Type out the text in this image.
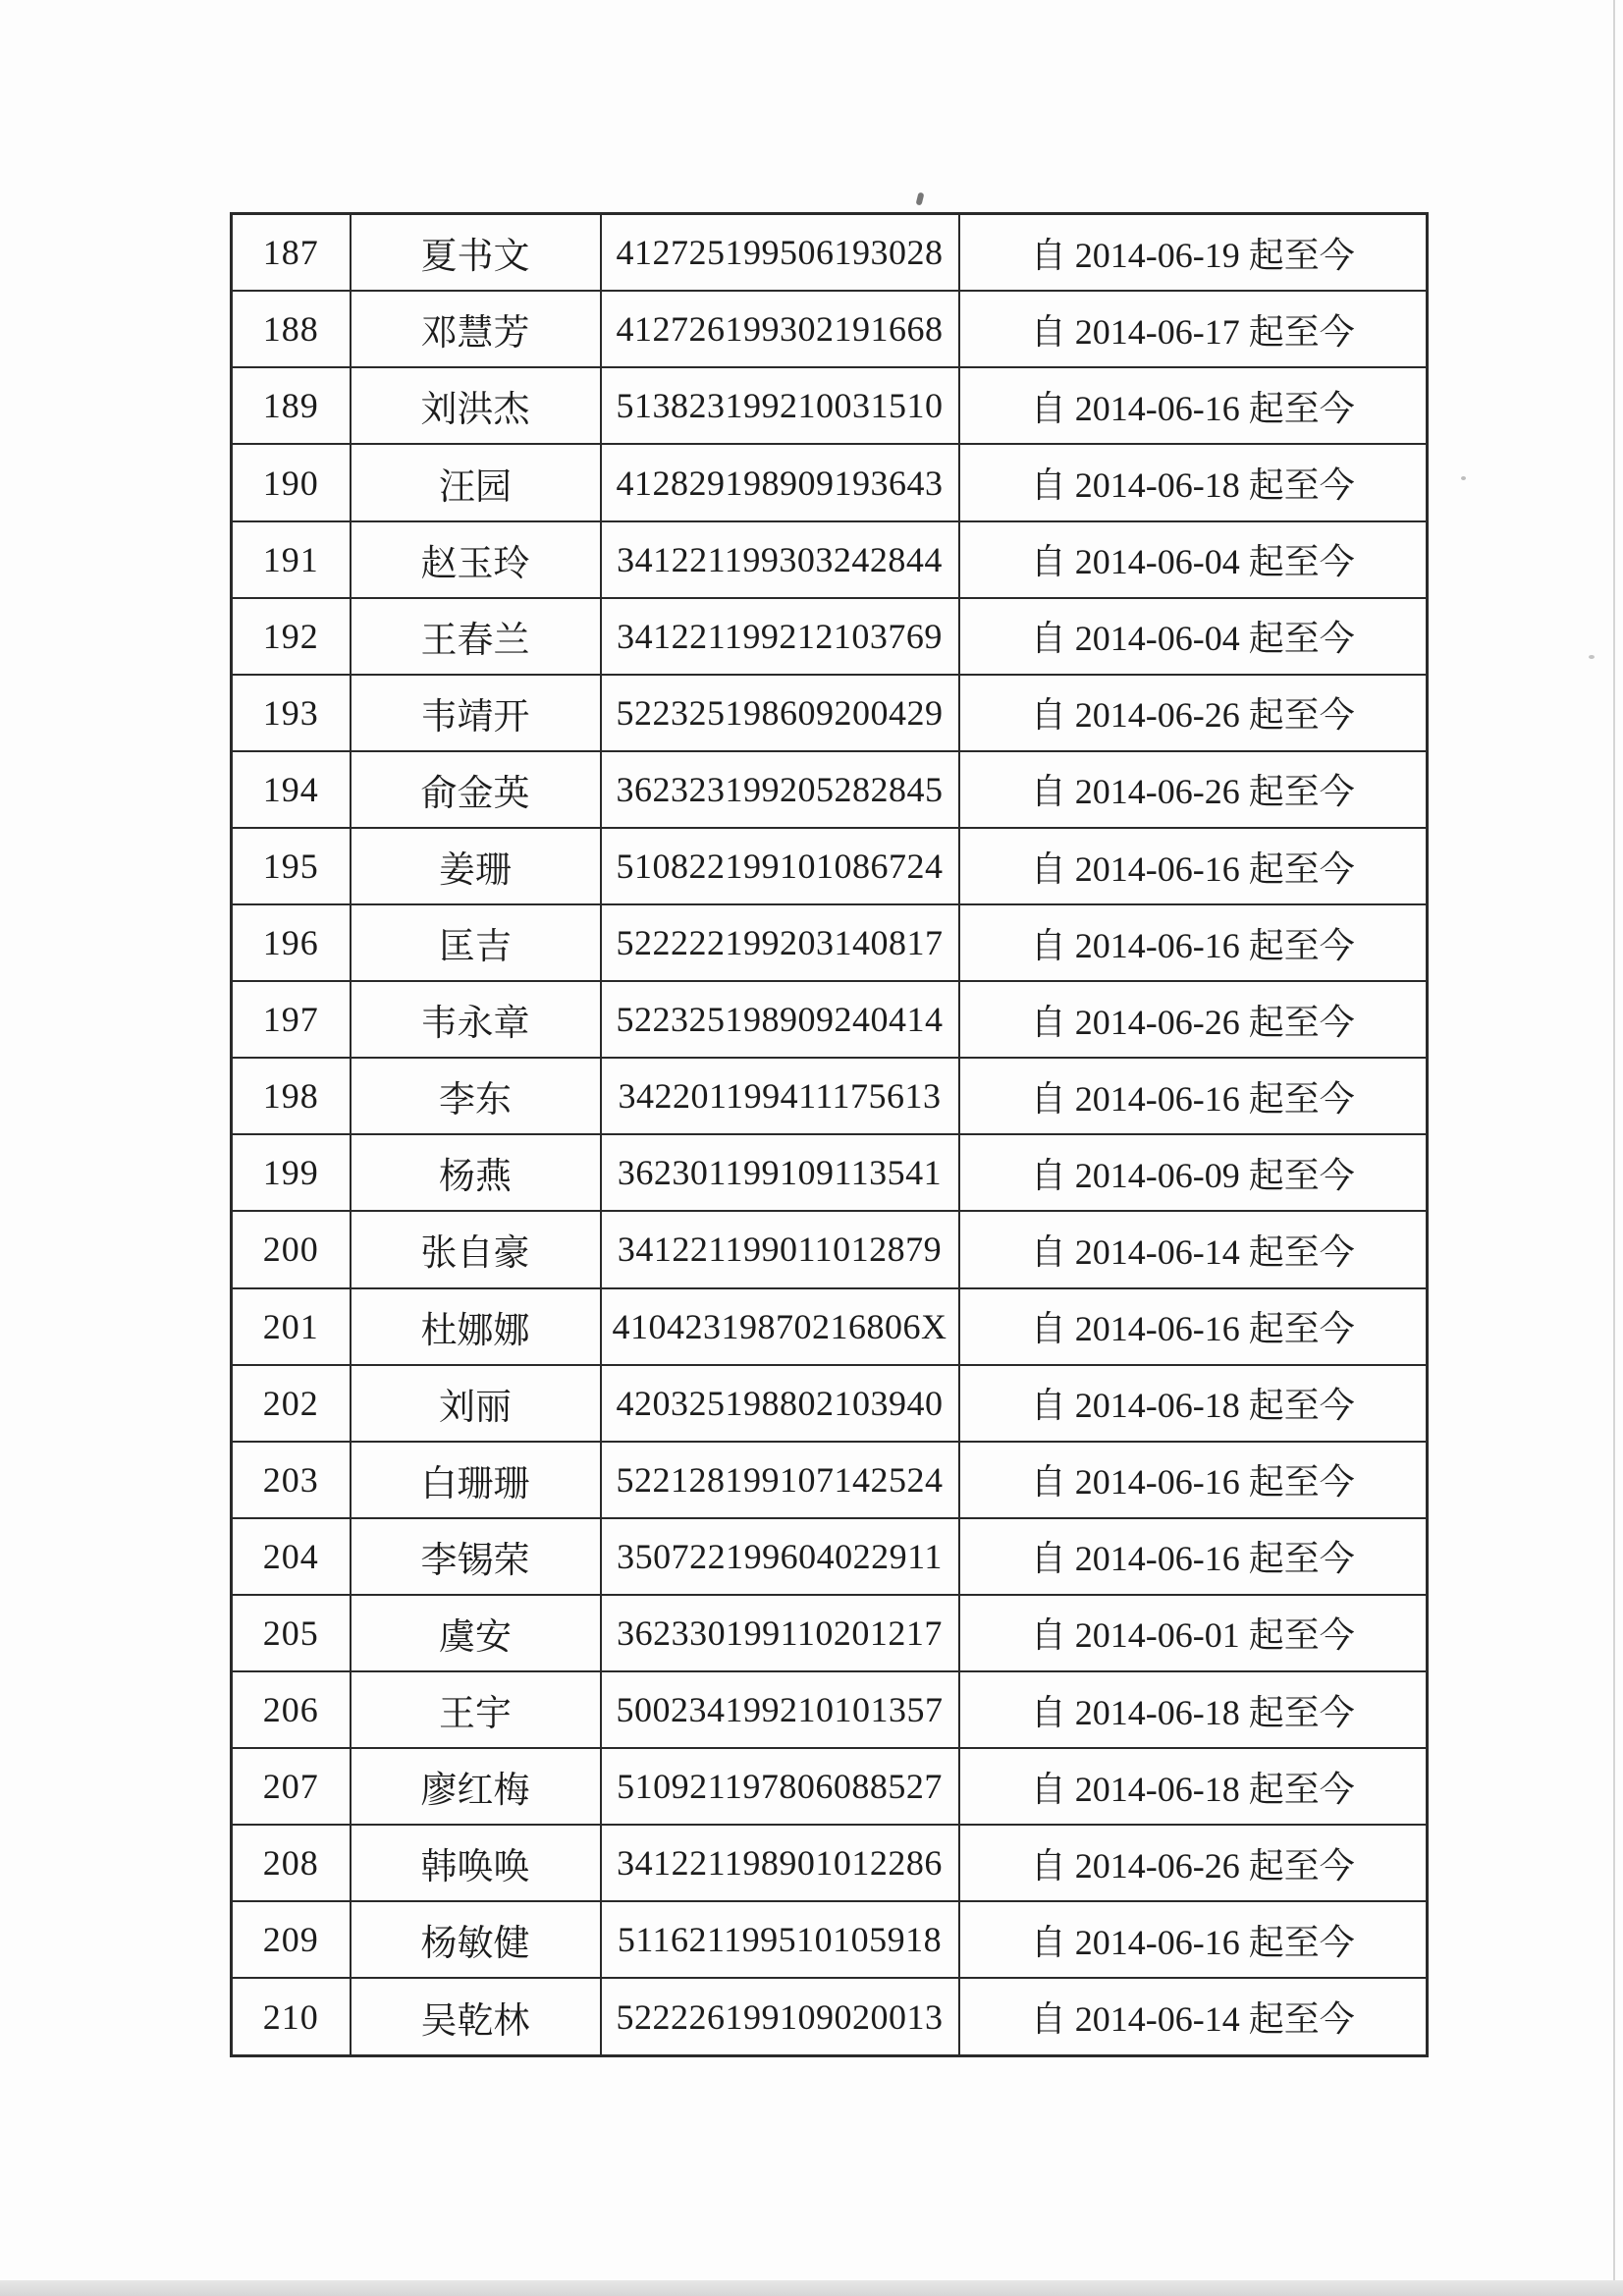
187	夏书文	412725199506193028	自 2014-06-19 起至今
188	邓慧芳	412726199302191668	自 2014-06-17 起至今
189	刘洪杰	513823199210031510	自 2014-06-16 起至今
190	汪园	412829198909193643	自 2014-06-18 起至今
191	赵玉玲	341221199303242844	自 2014-06-04 起至今
192	王春兰	341221199212103769	自 2014-06-04 起至今
193	韦靖开	522325198609200429	自 2014-06-26 起至今
194	俞金英	362323199205282845	自 2014-06-26 起至今
195	姜珊	510822199101086724	自 2014-06-16 起至今
196	匡吉	522222199203140817	自 2014-06-16 起至今
197	韦永章	522325198909240414	自 2014-06-26 起至今
198	李东	342201199411175613	自 2014-06-16 起至今
199	杨燕	362301199109113541	自 2014-06-09 起至今
200	张自豪	341221199011012879	自 2014-06-14 起至今
201	杜娜娜	41042319870216806X	自 2014-06-16 起至今
202	刘丽	420325198802103940	自 2014-06-18 起至今
203	白珊珊	522128199107142524	自 2014-06-16 起至今
204	李锡荣	350722199604022911	自 2014-06-16 起至今
205	虞安	362330199110201217	自 2014-06-01 起至今
206	王宇	500234199210101357	自 2014-06-18 起至今
207	廖红梅	510921197806088527	自 2014-06-18 起至今
208	韩唤唤	341221198901012286	自 2014-06-26 起至今
209	杨敏健	511621199510105918	自 2014-06-16 起至今
210	吴乾林	522226199109020013	自 2014-06-14 起至今
